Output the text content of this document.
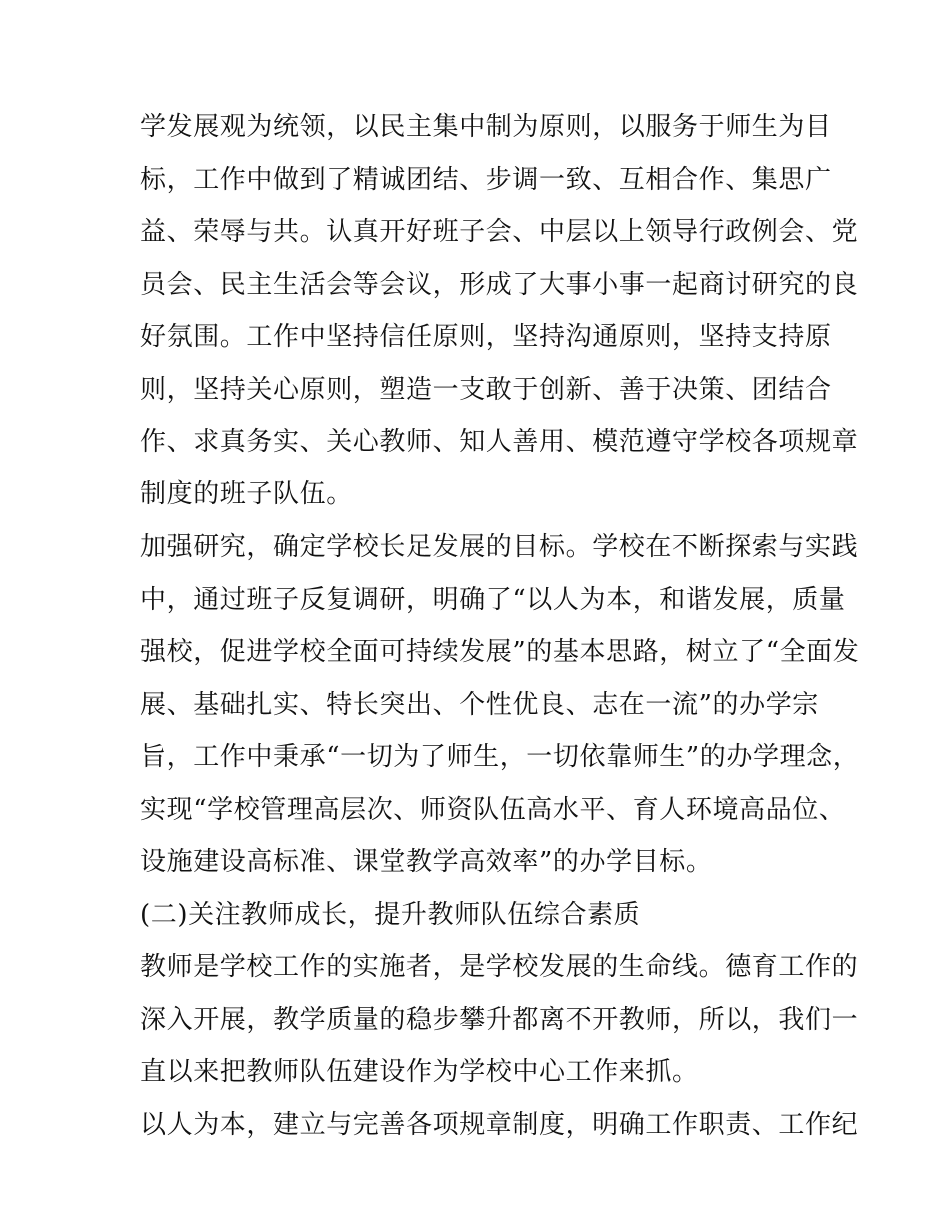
学发展观为统领，以民主集中制为原则，以服务于师生为目
标，工作中做到了精诚团结、步调一致、互相合作、集思广
益、荣辱与共。认真开好班子会、中层以上领导行政例会、党
员会、民主生活会等会议，形成了大事小事一起商讨研究的良
好氛围。工作中坚持信任原则，坚持沟通原则，坚持支持原
则，坚持关心原则，塑造一支敢于创新、善于决策、团结合
作、求真务实、关心教师、知人善用、模范遵守学校各项规章
制度的班子队伍。
加强研究，确定学校长足发展的目标。学校在不断探索与实践
中，通过班子反复调研，明确了“以人为本，和谐发展，质量
强校，促进学校全面可持续发展”的基本思路，树立了“全面发
展、基础扎实、特长突出、个性优良、志在一流”的办学宗
旨，工作中秉承“一切为了师生，一切依靠师生”的办学理念，
实现“学校管理高层次、师资队伍高水平、育人环境高品位、
设施建设高标准、课堂教学高效率”的办学目标。
(二)关注教师成长，提升教师队伍综合素质
教师是学校工作的实施者，是学校发展的生命线。德育工作的
深入开展，教学质量的稳步攀升都离不开教师，所以，我们一
直以来把教师队伍建设作为学校中心工作来抓。
以人为本，建立与完善各项规章制度，明确工作职责、工作纪
